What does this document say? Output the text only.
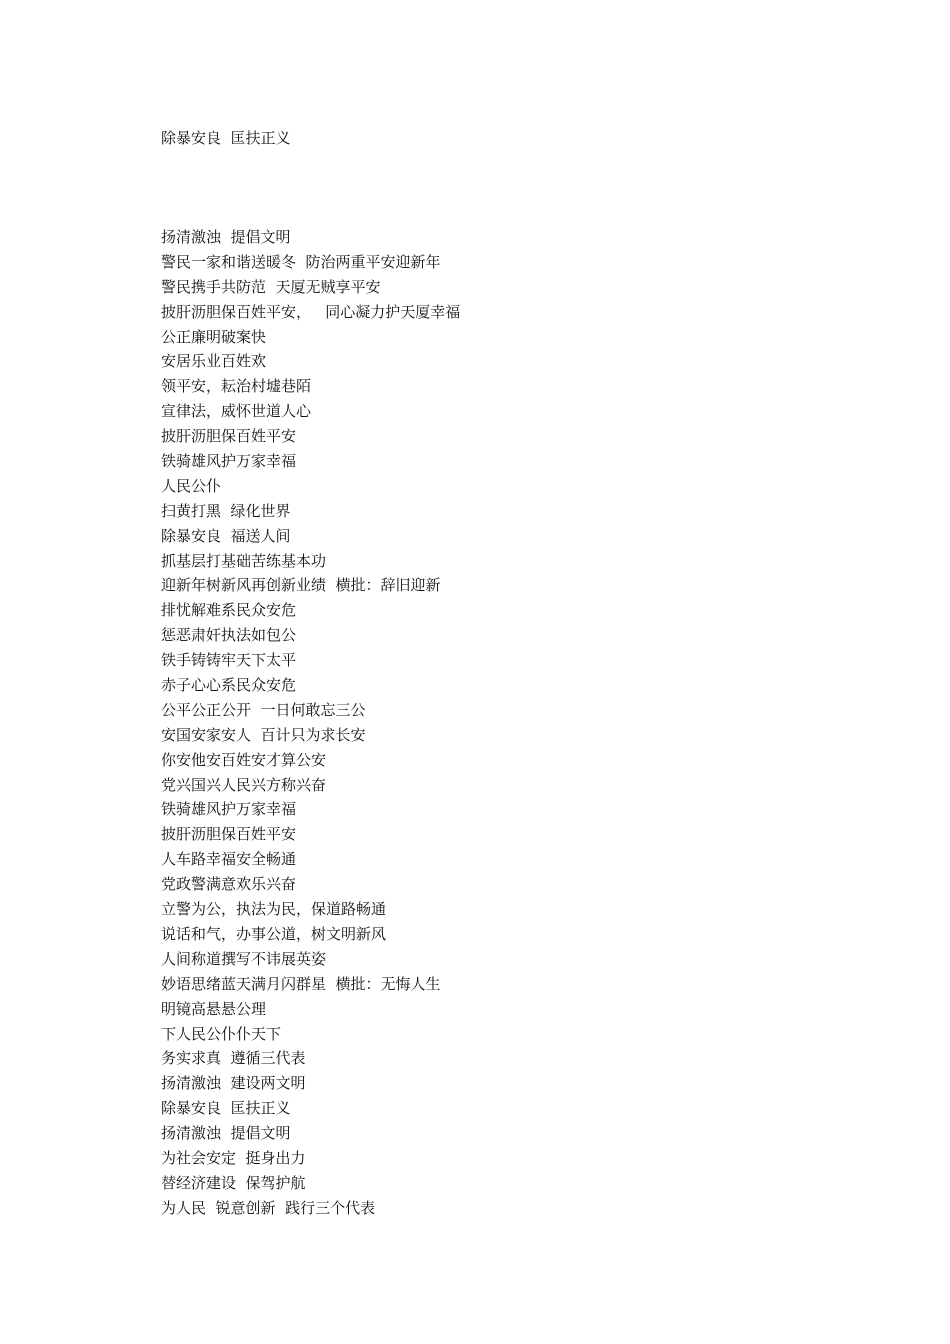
除暴安良  匡扶正义
扬清激浊  提倡文明
警民一家和谐送暖冬  防治两重平安迎新年
警民携手共防范  天厦无贼享平安
披肝沥胆保百姓平安，   同心凝力护天厦幸福
公正廉明破案快
安居乐业百姓欢
领平安，耘治村墟巷陌
宣律法，威怀世道人心
披肝沥胆保百姓平安
铁骑雄风护万家幸福
人民公仆
扫黄打黑  绿化世界
除暴安良  福送人间
抓基层打基础苦练基本功
迎新年树新风再创新业绩  横批：辞旧迎新
排忧解难系民众安危
惩恶肃奸执法如包公
铁手铸铸牢天下太平
赤子心心系民众安危
公平公正公开  一日何敢忘三公
安国安家安人  百计只为求长安
你安他安百姓安才算公安
党兴国兴人民兴方称兴奋
铁骑雄风护万家幸福
披肝沥胆保百姓平安
人车路幸福安全畅通
党政警满意欢乐兴奋
立警为公，执法为民，保道路畅通
说话和气，办事公道，树文明新风
人间称道撰写不讳展英姿
妙语思绪蓝天满月闪群星  横批：无悔人生
明镜高悬悬公理
下人民公仆仆天下
务实求真  遵循三代表
扬清激浊  建设两文明
除暴安良  匡扶正义
扬清激浊  提倡文明
为社会安定  挺身出力
替经济建设  保驾护航
为人民  锐意创新  践行三个代表
